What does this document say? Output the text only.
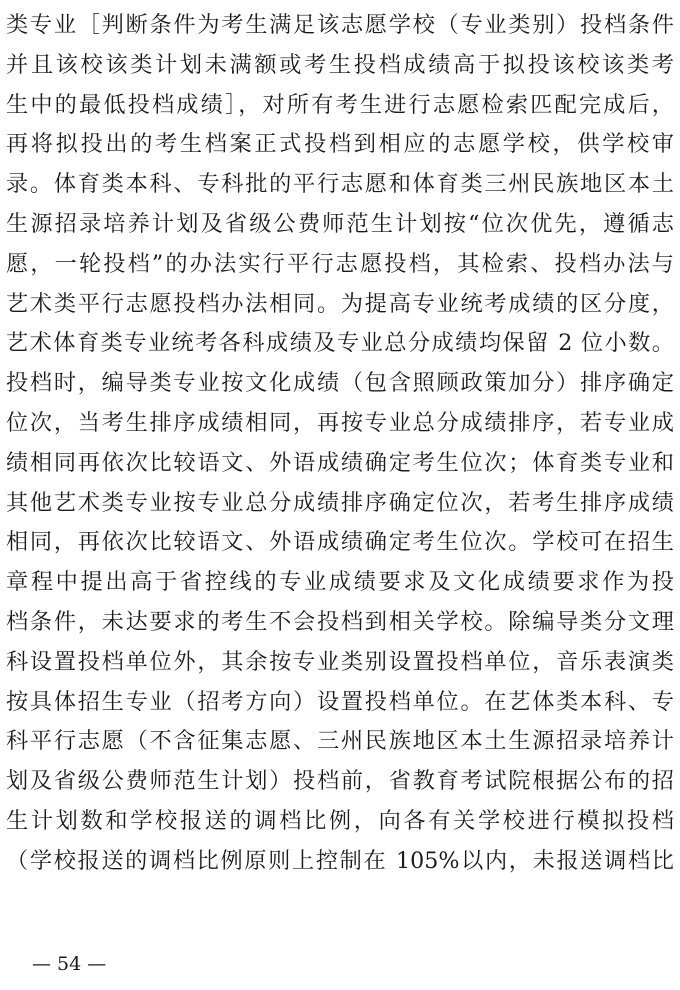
类专业［判断条件为考生满足该志愿学校（专业类别）投档条件
并且该校该类计划未满额或考生投档成绩高于拟投该校该类考
生中的最低投档成绩］，对所有考生进行志愿检索匹配完成后，
再将拟投出的考生档案正式投档到相应的志愿学校，供学校审
录。体育类本科、专科批的平行志愿和体育类三州民族地区本土
生源招录培养计划及省级公费师范生计划按“位次优先，遵循志
愿，一轮投档”的办法实行平行志愿投档，其检索、投档办法与
艺术类平行志愿投档办法相同。为提高专业统考成绩的区分度，
艺术体育类专业统考各科成绩及专业总分成绩均保留 2 位小数。
投档时，编导类专业按文化成绩（包含照顾政策加分）排序确定
位次，当考生排序成绩相同，再按专业总分成绩排序，若专业成
绩相同再依次比较语文、外语成绩确定考生位次；体育类专业和
其他艺术类专业按专业总分成绩排序确定位次，若考生排序成绩
相同，再依次比较语文、外语成绩确定考生位次。学校可在招生
章程中提出高于省控线的专业成绩要求及文化成绩要求作为投
档条件，未达要求的考生不会投档到相关学校。除编导类分文理
科设置投档单位外，其余按专业类别设置投档单位，音乐表演类
按具体招生专业（招考方向）设置投档单位。在艺体类本科、专
科平行志愿（不含征集志愿、三州民族地区本土生源招录培养计
划及省级公费师范生计划）投档前，省教育考试院根据公布的招
生计划数和学校报送的调档比例，向各有关学校进行模拟投档
（学校报送的调档比例原则上控制在 105%以内，未报送调档比
— 54 —
